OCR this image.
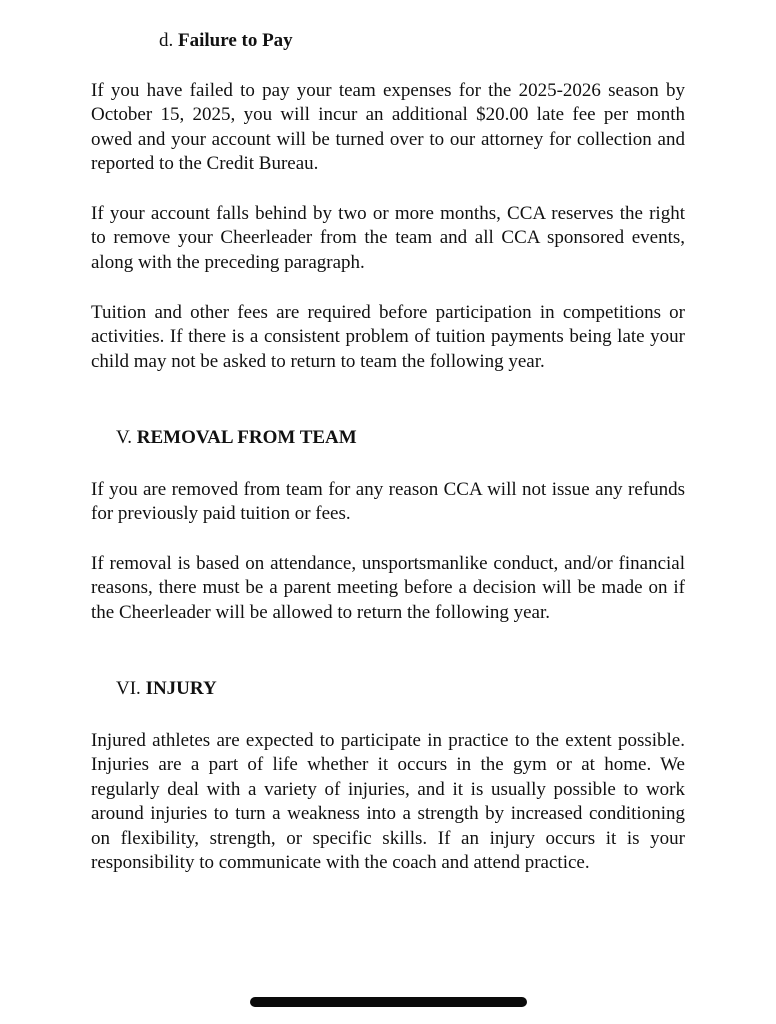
d. Failure to Pay

If you have failed to pay your team expenses for the 2025-2026 season by October 15, 2025, you will incur an additional $20.00 late fee per month owed and your account will be turned over to our attorney for collection and reported to the Credit Bureau.

If your account falls behind by two or more months, CCA reserves the right to remove your Cheerleader from the team and all CCA sponsored events, along with the preceding paragraph.

Tuition and other fees are required before participation in competitions or activities. If there is a consistent problem of tuition payments being late your child may not be asked to return to team the following year.

V. REMOVAL FROM TEAM

If you are removed from team for any reason CCA will not issue any refunds for previously paid tuition or fees.

If removal is based on attendance, unsportsmanlike conduct, and/or financial reasons, there must be a parent meeting before a decision will be made on if the Cheerleader will be allowed to return the following year.

VI. INJURY

Injured athletes are expected to participate in practice to the extent possible. Injuries are a part of life whether it occurs in the gym or at home. We regularly deal with a variety of injuries, and it is usually possible to work around injuries to turn a weakness into a strength by increased conditioning on flexibility, strength, or specific skills. If an injury occurs it is your responsibility to communicate with the coach and attend practice.
